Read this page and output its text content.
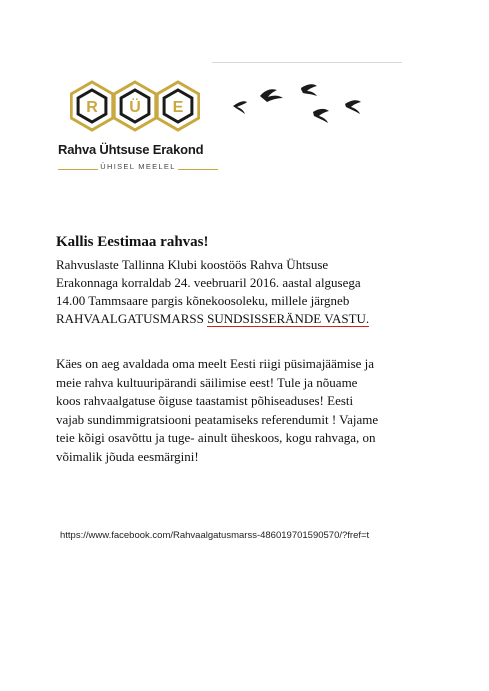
R Ü E
Rahva Ühtsuse Erakond
ÜHISEL MEELEL
Kallis Eestimaa rahvas!

Rahvuslaste Tallinna Klubi koostöös Rahva Ühtsuse

Erakonnaga korraldab 24. veebruaril 2016. aastal algusega

14.00 Tammsaare pargis kõnekoosoleku, millele järgneb

RAHVAALGATUSMARSS SUNDSISSERÄNDE VASTU.

Käes on aeg avaldada oma meelt Eesti riigi püsimajäämise ja

meie rahva kultuuripärandi säilimise eest! Tule ja nõuame

koos rahvaalgatuse õiguse taastamist põhiseaduses! Eesti

vajab sundimmigratsiooni peatamiseks referendumit ! Vajame

teie kõigi osavõttu ja tuge- ainult üheskoos, kogu rahvaga, on

võimalik jõuda eesmärgini!

https://www.facebook.com/Rahvaalgatusmarss-486019701590570/?fref=t
